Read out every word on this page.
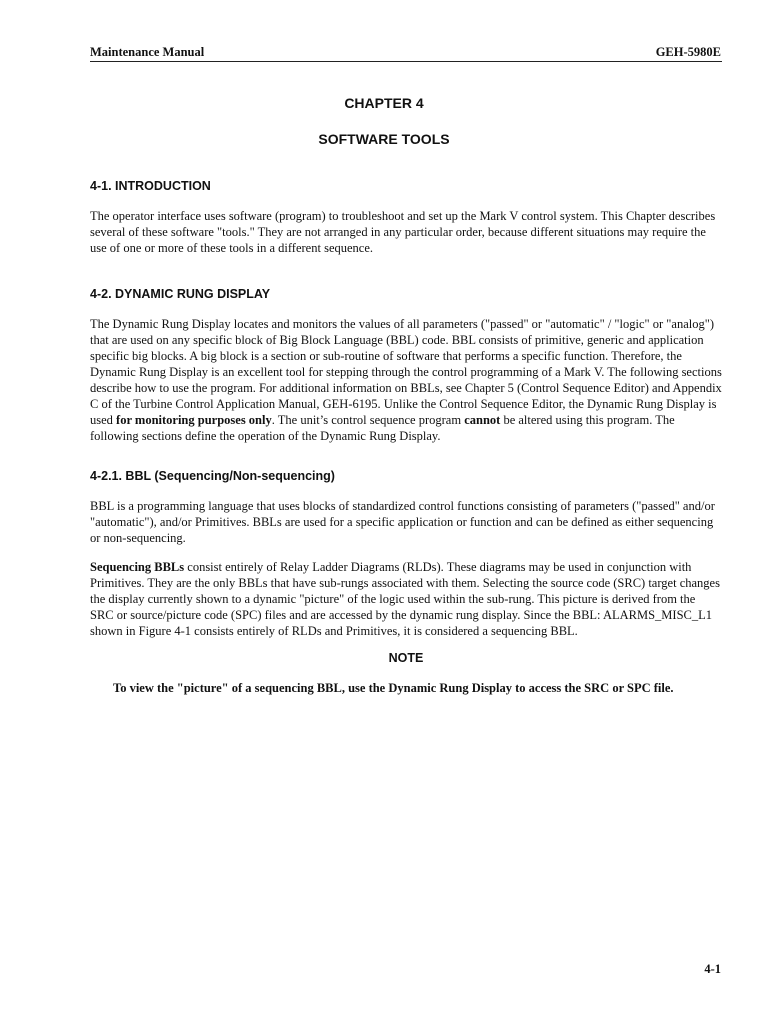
Maintenance Manual	GEH-5980E
CHAPTER 4
SOFTWARE TOOLS
4-1. INTRODUCTION
The operator interface uses software (program) to troubleshoot and set up the Mark V control system. This Chapter describes several of these software "tools." They are not arranged in any particular order, because different situations may require the use of one or more of these tools in a different sequence.
4-2. DYNAMIC RUNG DISPLAY
The Dynamic Rung Display locates and monitors the values of all parameters ("passed" or "automatic" / "logic" or "analog") that are used on any specific block of Big Block Language (BBL) code. BBL consists of primitive, generic and application specific big blocks. A big block is a section or sub-routine of software that performs a specific function. Therefore, the Dynamic Rung Display is an excellent tool for stepping through the control programming of a Mark V. The following sections describe how to use the program. For additional information on BBLs, see Chapter 5 (Control Sequence Editor) and Appendix C of the Turbine Control Application Manual, GEH-6195. Unlike the Control Sequence Editor, the Dynamic Rung Display is used for monitoring purposes only. The unit’s control sequence program cannot be altered using this program. The following sections define the operation of the Dynamic Rung Display.
4-2.1. BBL (Sequencing/Non-sequencing)
BBL is a programming language that uses blocks of standardized control functions consisting of parameters ("passed" and/or "automatic"), and/or Primitives. BBLs are used for a specific application or function and can be defined as either sequencing or non-sequencing.
Sequencing BBLs consist entirely of Relay Ladder Diagrams (RLDs). These diagrams may be used in conjunction with Primitives. They are the only BBLs that have sub-rungs associated with them. Selecting the source code (SRC) target changes the display currently shown to a dynamic "picture" of the logic used within the sub-rung. This picture is derived from the SRC or source/picture code (SPC) files and are accessed by the dynamic rung display. Since the BBL: ALARMS_MISC_L1 shown in Figure 4-1 consists entirely of RLDs and Primitives, it is considered a sequencing BBL.
NOTE
To view the "picture" of a sequencing BBL, use the Dynamic Rung Display to access the SRC or SPC file.
4-1
